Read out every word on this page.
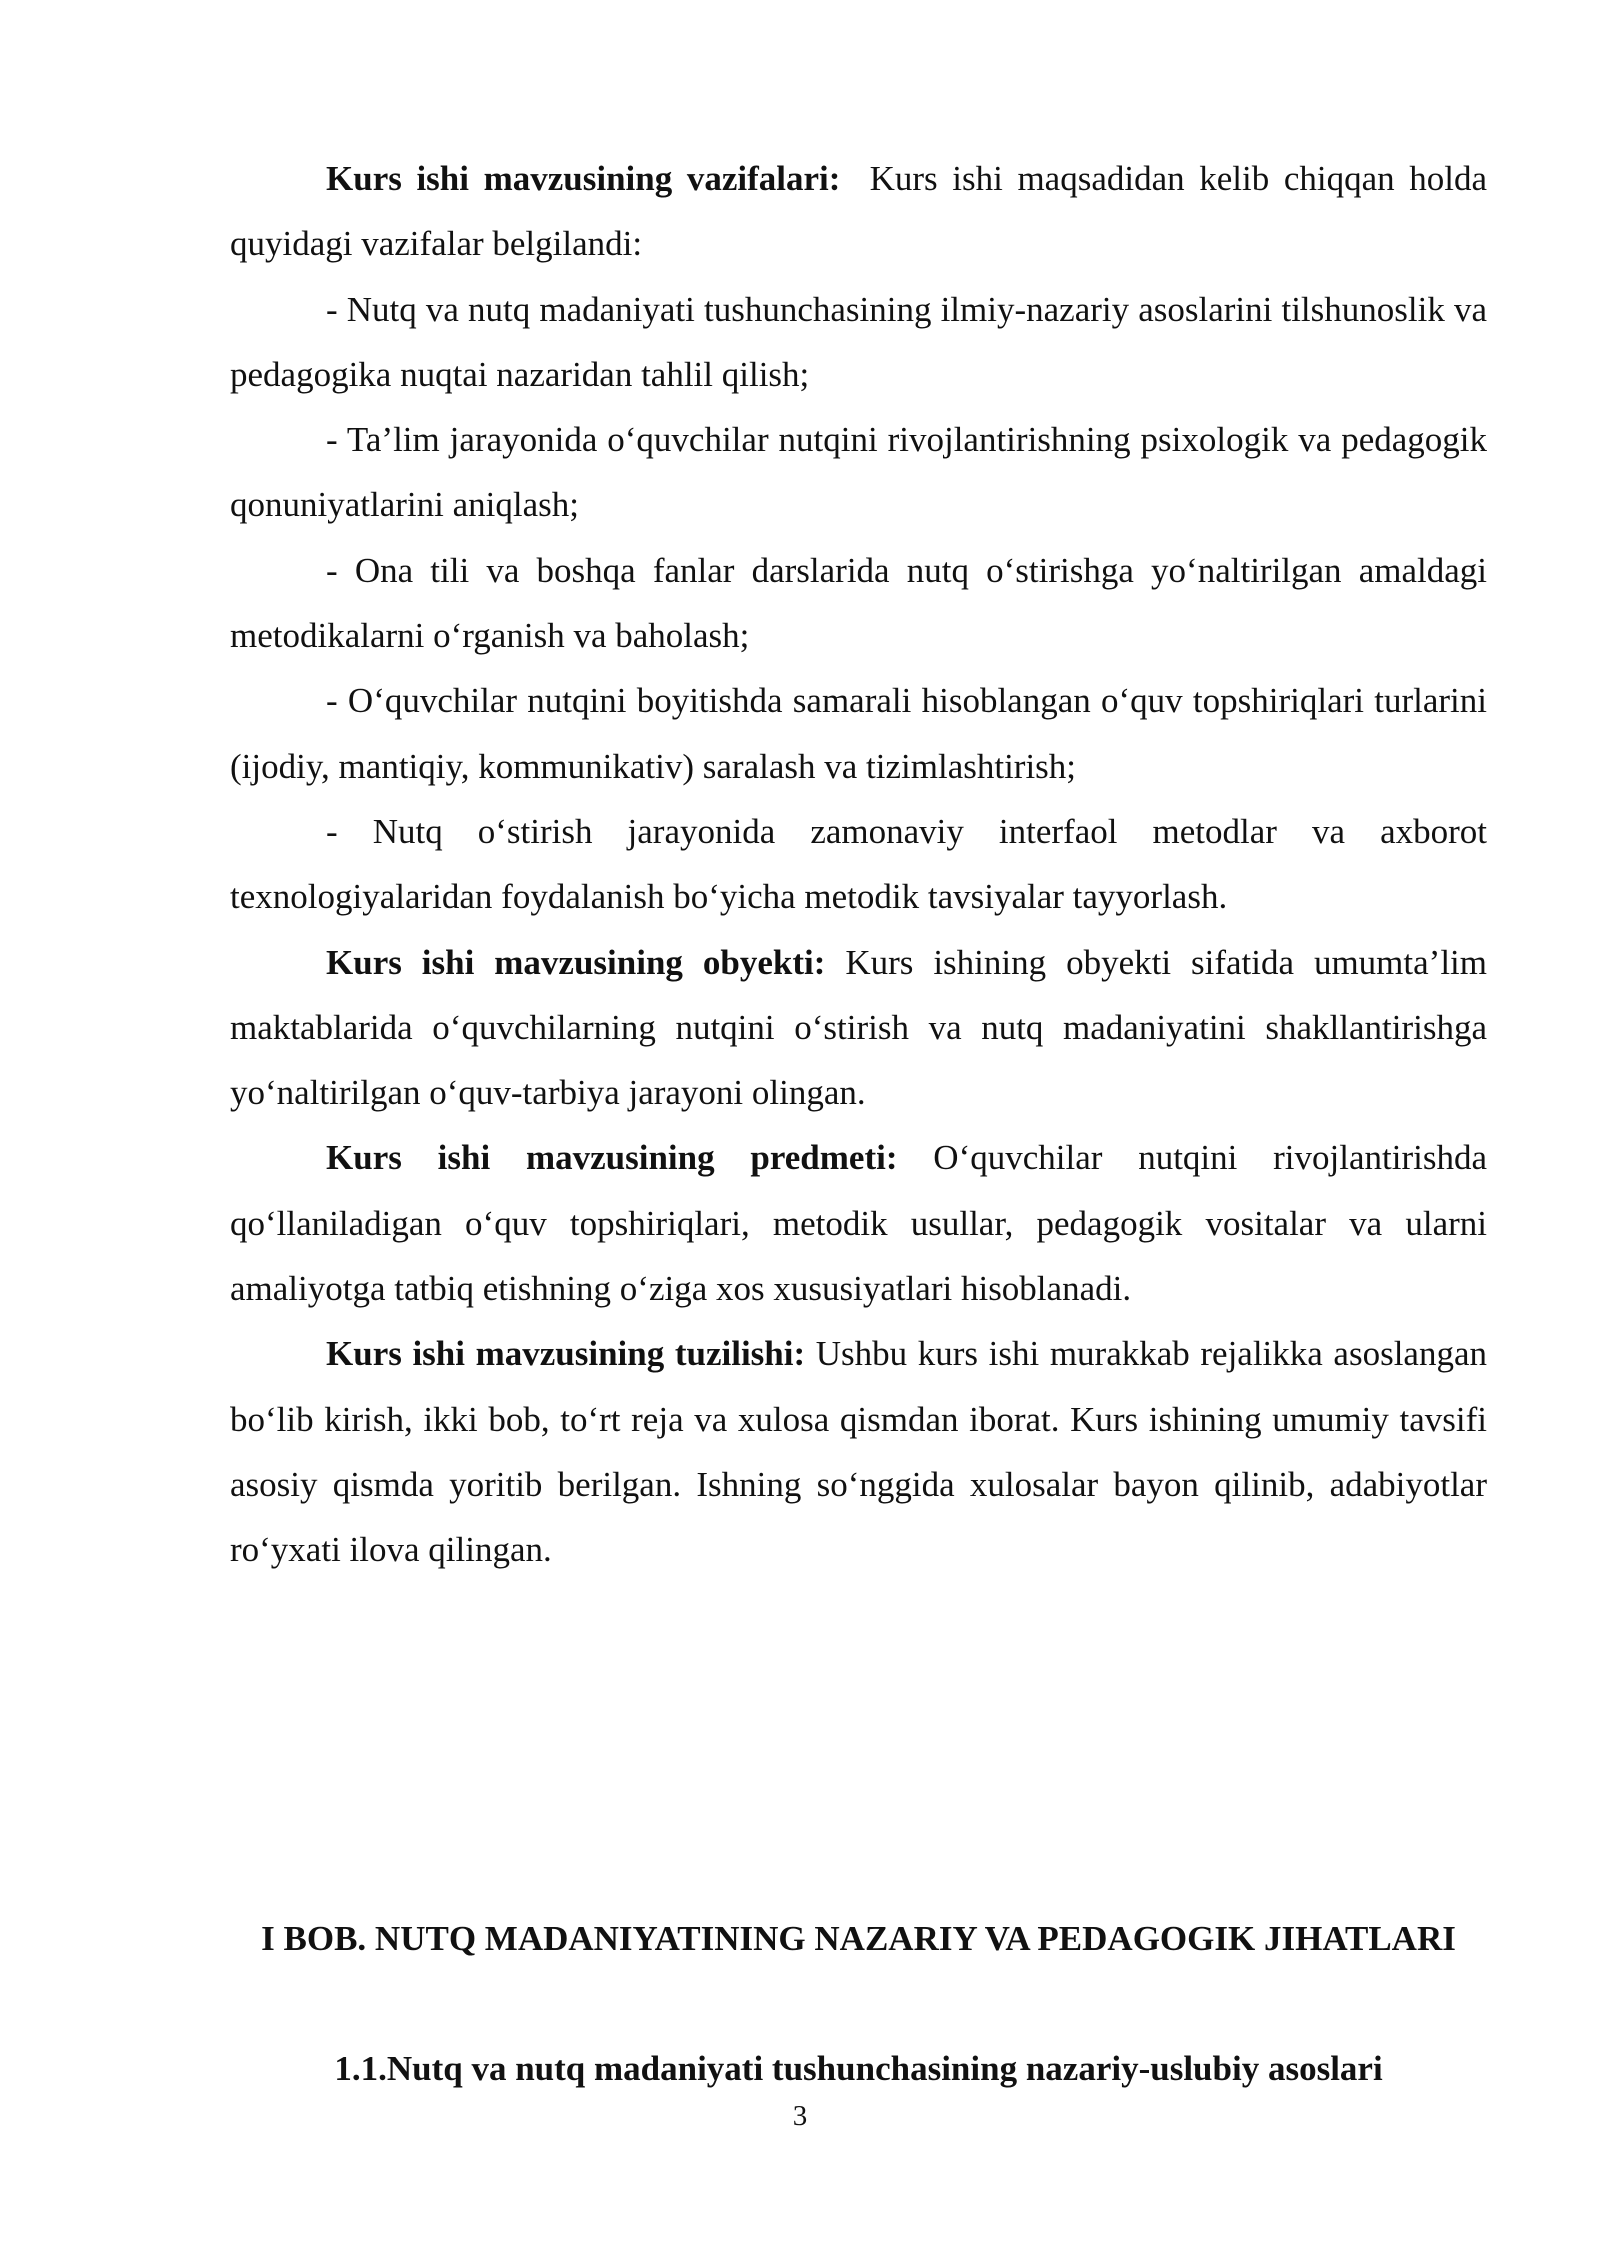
Kurs ishi mavzusining vazifalari: Kurs ishi maqsadidan kelib chiqqan holda quyidagi vazifalar belgilandi:

- Nutq va nutq madaniyati tushunchasining ilmiy-nazariy asoslarini tilshunoslik va pedagogika nuqtai nazaridan tahlil qilish;

- Ta’lim jarayonida o‘quvchilar nutqini rivojlantirishning psixologik va pedagogik qonuniyatlarini aniqlash;

- Ona tili va boshqa fanlar darslarida nutq o‘stirishga yo‘naltirilgan amaldagi metodikalarni o‘rganish va baholash;

- O‘quvchilar nutqini boyitishda samarali hisoblangan o‘quv topshiriqlari turlarini (ijodiy, mantiqiy, kommunikativ) saralash va tizimlashtirish;

- Nutq o‘stirish jarayonida zamonaviy interfaol metodlar va axborot texnologiyalaridan foydalanish bo‘yicha metodik tavsiyalar tayyorlash.

Kurs ishi mavzusining obyekti: Kurs ishining obyekti sifatida umumta’lim maktablarida o‘quvchilarning nutqini o‘stirish va nutq madaniyatini shakllantirishga yo‘naltirilgan o‘quv-tarbiya jarayoni olingan.

Kurs ishi mavzusining predmeti: O‘quvchilar nutqini rivojlantirishda qo‘llaniladigan o‘quv topshiriqlari, metodik usullar, pedagogik vositalar va ularni amaliyotga tatbiq etishning o‘ziga xos xususiyatlari hisoblanadi.

Kurs ishi mavzusining tuzilishi: Ushbu kurs ishi murakkab rejalikka asoslangan bo‘lib kirish, ikki bob, to‘rt reja va xulosa qismdan iborat. Kurs ishining umumiy tavsifi asosiy qismda yoritib berilgan. Ishning so‘nggida xulosalar bayon qilinib, adabiyotlar ro‘yxati ilova qilingan.

I BOB. NUTQ MADANIYATINING NAZARIY VA PEDAGOGIK JIHATLARI

1.1.Nutq va nutq madaniyati tushunchasining nazariy-uslubiy asoslari

3
